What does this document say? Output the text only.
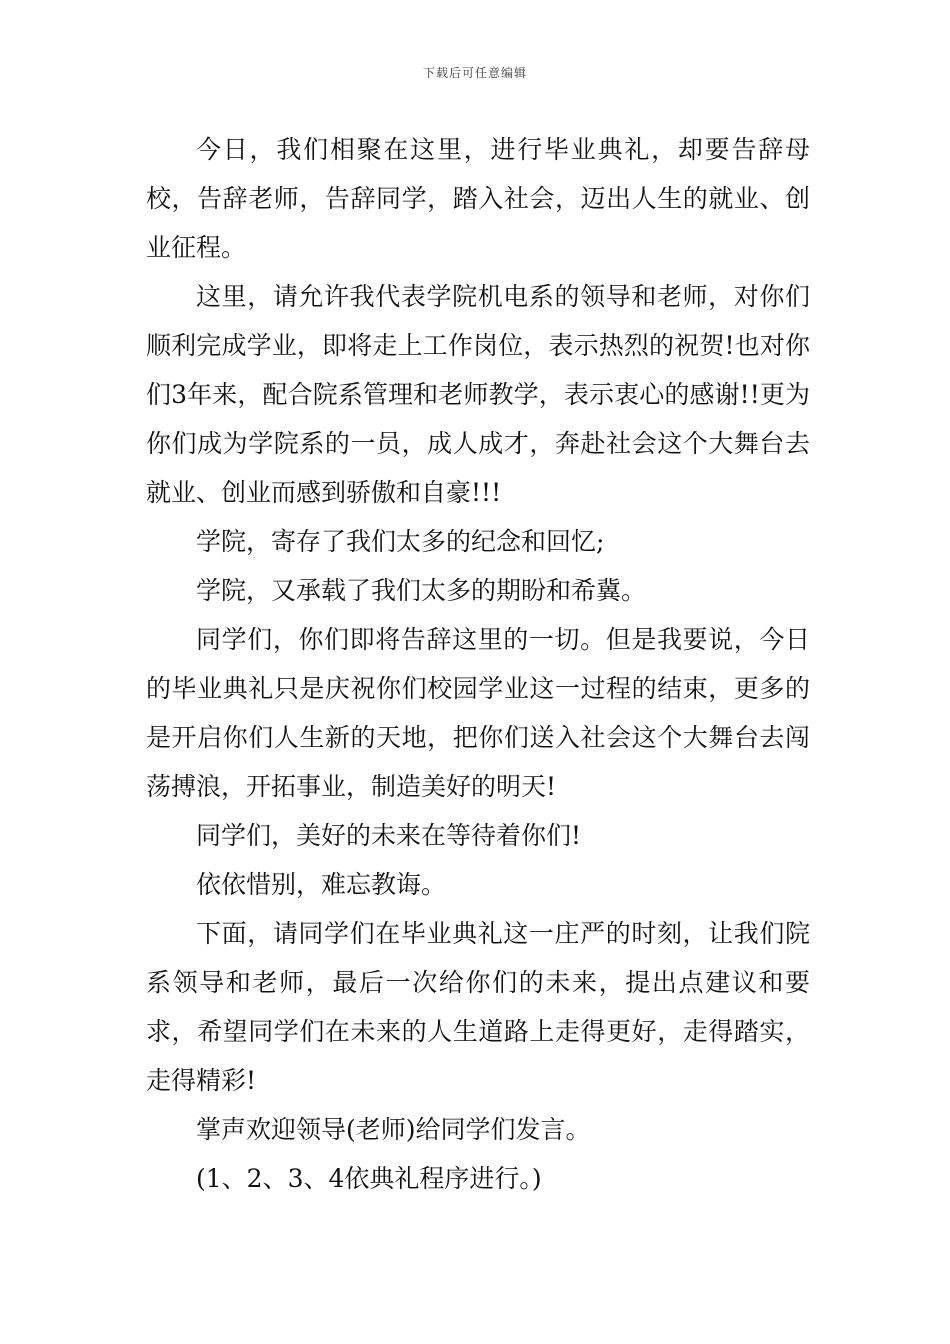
下载后可任意编辑

今日，我们相聚在这里，进行毕业典礼，却要告辞母校，告辞老师，告辞同学，踏入社会，迈出人生的就业、创业征程。

这里，请允许我代表学院机电系的领导和老师，对你们顺利完成学业，即将走上工作岗位，表示热烈的祝贺!也对你们3年来，配合院系管理和老师教学，表示衷心的感谢!!更为你们成为学院系的一员，成人成才，奔赴社会这个大舞台去就业、创业而感到骄傲和自豪!!!

学院，寄存了我们太多的纪念和回忆;

学院，又承载了我们太多的期盼和希冀。

同学们，你们即将告辞这里的一切。但是我要说，今日的毕业典礼只是庆祝你们校园学业这一过程的结束，更多的是开启你们人生新的天地，把你们送入社会这个大舞台去闯荡搏浪，开拓事业，制造美好的明天!

同学们，美好的未来在等待着你们!

依依惜别，难忘教诲。

下面，请同学们在毕业典礼这一庄严的时刻，让我们院系领导和老师，最后一次给你们的未来，提出点建议和要求，希望同学们在未来的人生道路上走得更好，走得踏实，走得精彩!

掌声欢迎领导(老师)给同学们发言。

(1、2、3、4依典礼程序进行。)
